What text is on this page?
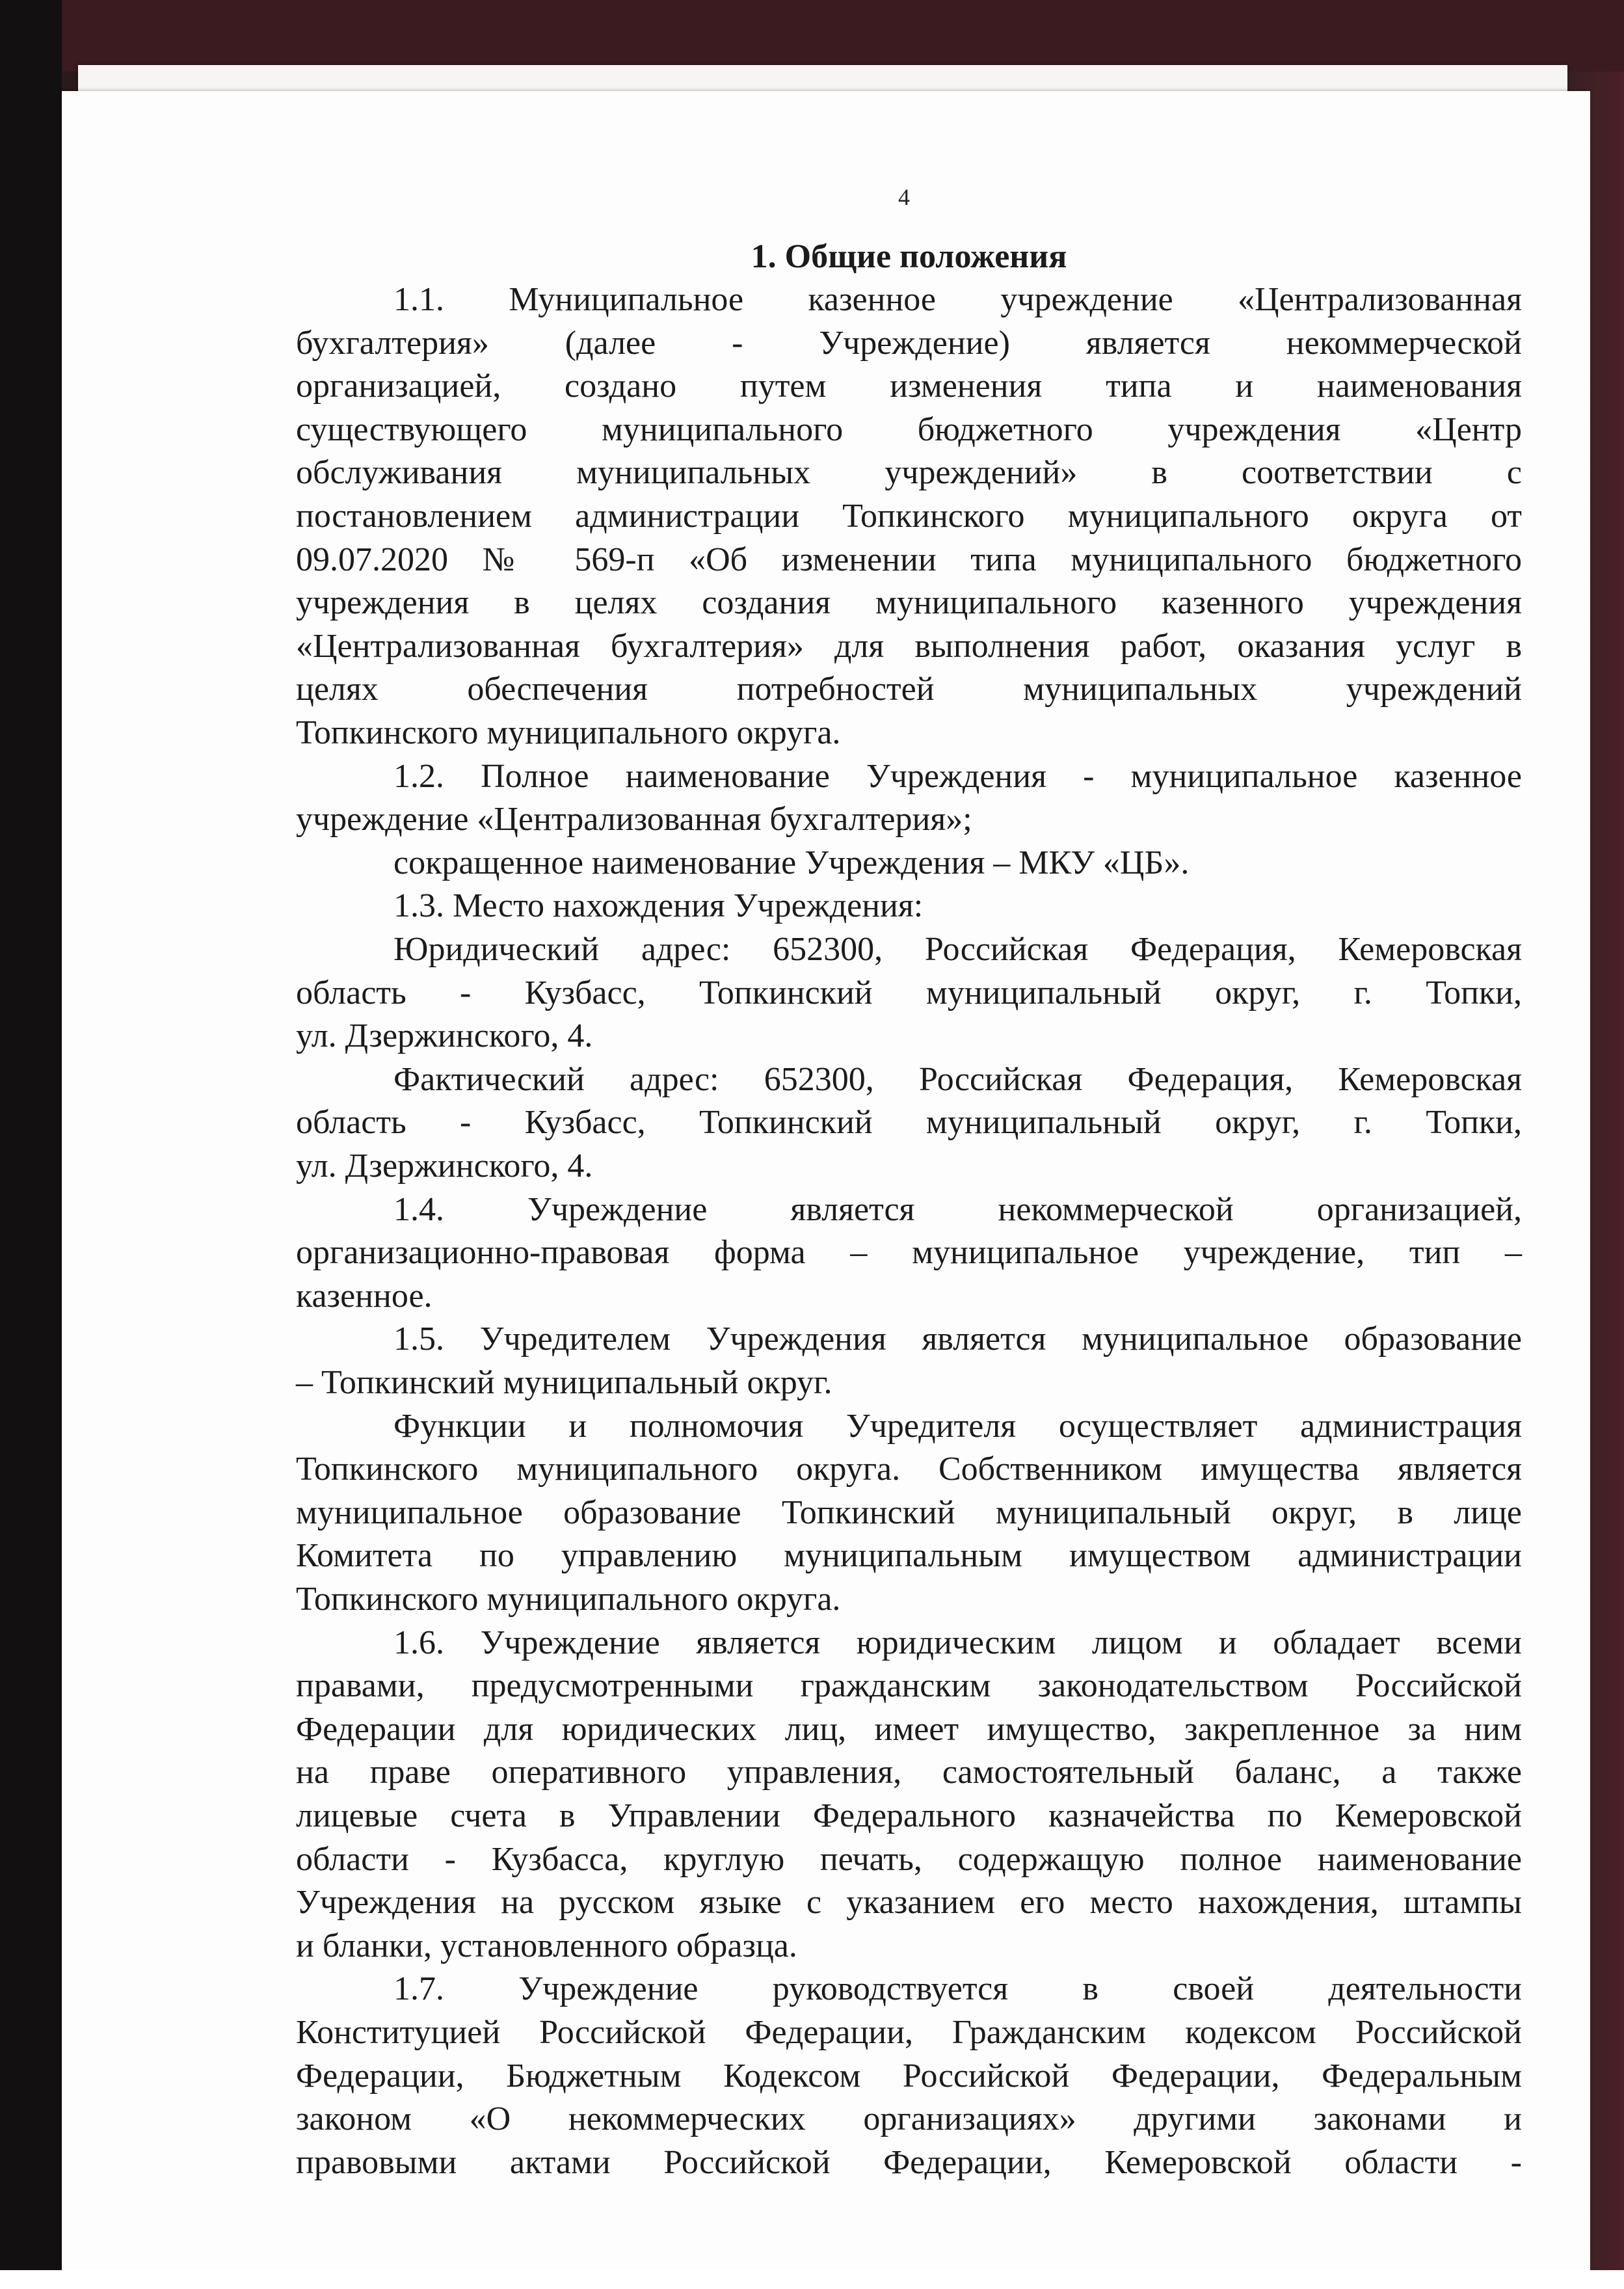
4
1. Общие положения
1.1. Муниципальное казенное учреждение «Централизованная
бухгалтерия» (далее - Учреждение) является некоммерческой
организацией, создано путем изменения типа и наименования
существующего муниципального бюджетного учреждения «Центр
обслуживания муниципальных учреждений» в соответствии с
постановлением администрации Топкинского муниципального округа от
09.07.2020 № 569-п «Об изменении типа муниципального бюджетного
учреждения в целях создания муниципального казенного учреждения
«Централизованная бухгалтерия» для выполнения работ, оказания услуг в
целях обеспечения потребностей муниципальных учреждений
Топкинского муниципального округа.
1.2. Полное наименование Учреждения - муниципальное казенное
учреждение «Централизованная бухгалтерия»;
сокращенное наименование Учреждения – МКУ «ЦБ».
1.3. Место нахождения Учреждения:
Юридический адрес: 652300, Российская Федерация, Кемеровская
область - Кузбасс, Топкинский муниципальный округ, г. Топки,
ул. Дзержинского, 4.
Фактический адрес: 652300, Российская Федерация, Кемеровская
область - Кузбасс, Топкинский муниципальный округ, г. Топки,
ул. Дзержинского, 4.
1.4. Учреждение является некоммерческой организацией,
организационно-правовая форма – муниципальное учреждение, тип –
казенное.
1.5. Учредителем Учреждения является муниципальное образование
– Топкинский муниципальный округ.
Функции и полномочия Учредителя осуществляет администрация
Топкинского муниципального округа. Собственником имущества является
муниципальное образование Топкинский муниципальный округ, в лице
Комитета по управлению муниципальным имуществом администрации
Топкинского муниципального округа.
1.6. Учреждение является юридическим лицом и обладает всеми
правами, предусмотренными гражданским законодательством Российской
Федерации для юридических лиц, имеет имущество, закрепленное за ним
на праве оперативного управления, самостоятельный баланс, а также
лицевые счета в Управлении Федерального казначейства по Кемеровской
области - Кузбасса, круглую печать, содержащую полное наименование
Учреждения на русском языке с указанием его место нахождения, штампы
и бланки, установленного образца.
1.7. Учреждение руководствуется в своей деятельности
Конституцией Российской Федерации, Гражданским кодексом Российской
Федерации, Бюджетным Кодексом Российской Федерации, Федеральным
законом «О некоммерческих организациях» другими законами и
правовыми актами Российской Федерации, Кемеровской области -
